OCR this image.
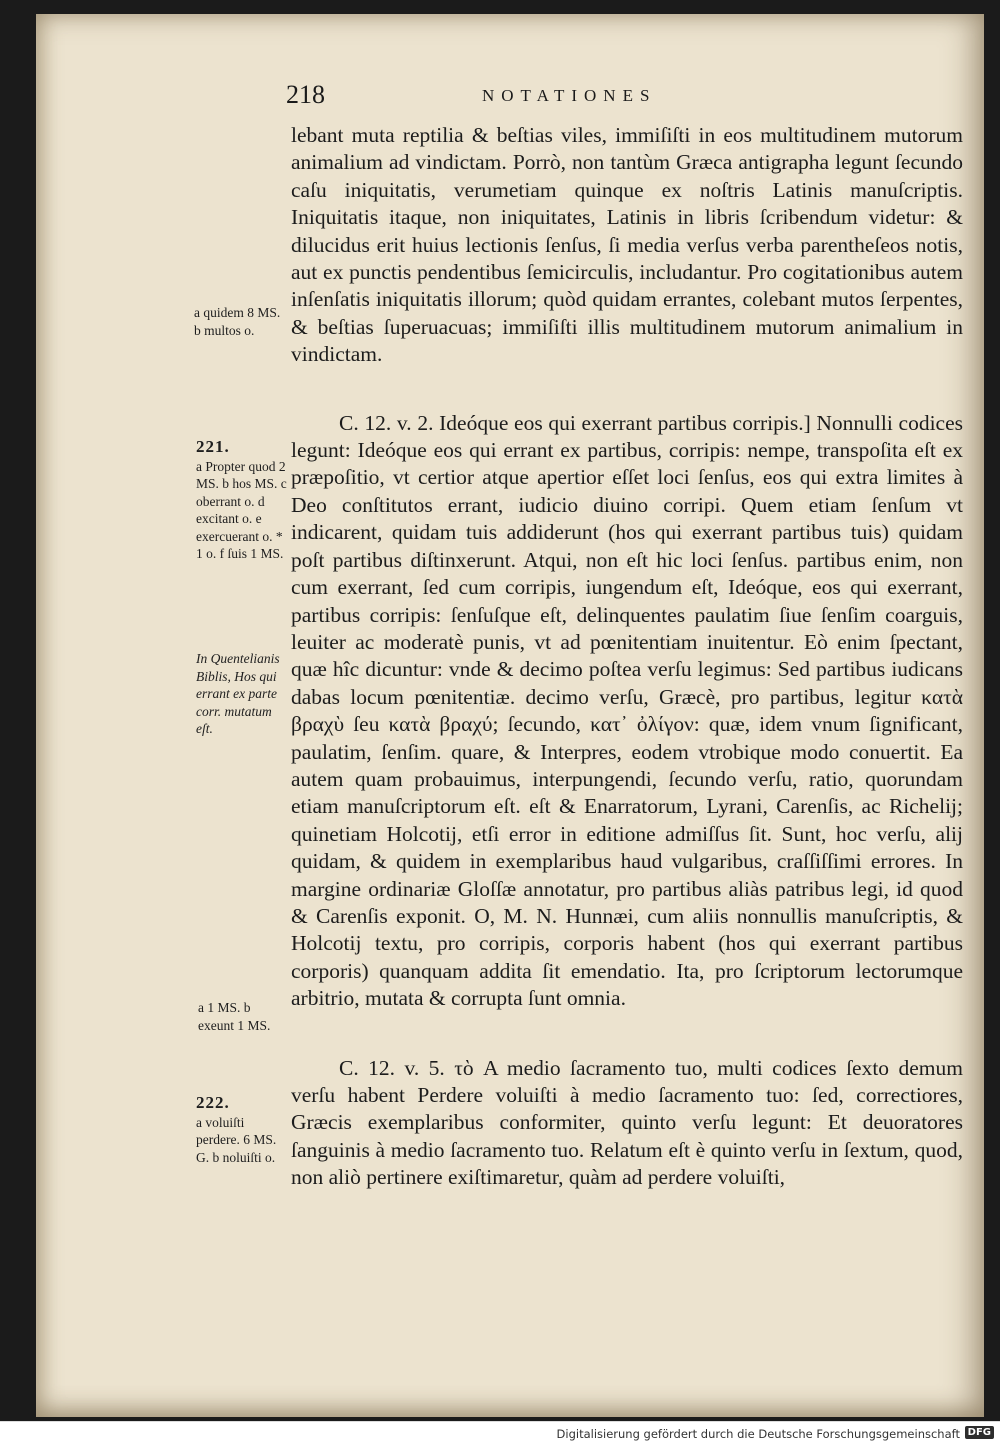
218	NOTATIONES

lebant muta reptilia & beſtias viles, immiſiſti in eos multitudinem mutorum animalium ad vindictam. Porrò, non tantùm Græca antigrapha legunt ſecundo caſu iniquitatis, verumetiam quinque ex noſtris Latinis manuſcriptis. Iniquitatis itaque, non iniquitates, Latinis in libris ſcribendum videtur: & dilucidus erit huius lectionis ſenſus, ſi media verſus verba parentheſeos notis, aut ex punctis pendentibus ſemicirculis, includantur. Pro cogitationibus autem inſenſatis iniquitatis illorum; quòd quidam errantes, colebant mutos ſerpentes, & beſtias ſuperuacuas; immiſiſti illis multitudinem mutorum animalium in vindictam.

C. 12. v. 2. Ideóque eos qui exerrant partibus corripis.] Nonnulli codices legunt: Ideóque eos qui errant ex partibus, corripis: nempe, transpoſita eſt ex præpoſitio, vt certior atque apertior eſſet loci ſenſus, eos qui extra limites à Deo conſtitutos errant, iudicio diuino corripi. Quem etiam ſenſum vt indicarent, quidam tuis addiderunt (hos qui exerrant partibus tuis) quidam poſt partibus diſtinxerunt. Atqui, non eſt hic loci ſenſus. partibus enim, non cum exerrant, ſed cum corripis, iungendum eſt, Ideóque, eos qui exerrant, partibus corripis: ſenſuſque eſt, delinquentes paulatim ſiue ſenſim coarguis, leuiter ac moderatè punis, vt ad pœnitentiam inuitentur. Eò enim ſpectant, quæ hîc dicuntur: vnde & decimo poſtea verſu legimus: Sed partibus iudicans dabas locum pœnitentiæ. decimo verſu, Græcè, pro partibus, legitur κατὰ βραχὺ ſeu κατὰ βραχύ; ſecundo, κατ᾽ ὀλίγον: quæ, idem vnum ſignificant, paulatim, ſenſim. quare, & Interpres, eodem vtrobique modo conuertit. Ea autem quam probauimus, interpungendi, ſecundo verſu, ratio, quorundam etiam manuſcriptorum eſt. eſt & Enarratorum, Lyrani, Carenſis, ac Richelij; quinetiam Holcotij, etſi error in editione admiſſus ſit. Sunt, hoc verſu, alij quidam, & quidem in exemplaribus haud vulgaribus, craſſiſſimi errores. In margine ordinariæ Gloſſæ annotatur, pro partibus aliàs patribus legi, id quod & Carenſis exponit. O, M. N. Hunnæi, cum aliis nonnullis manuſcriptis, & Holcotij textu, pro corripis, corporis habent (hos qui exerrant partibus corporis) quanquam addita ſit emendatio. Ita, pro ſcriptorum lectorumque arbitrio, mutata & corrupta ſunt omnia.

C. 12. v. 5. τὸ A medio ſacramento tuo, multi codices ſexto demum verſu habent Perdere voluiſti à medio ſacramento tuo: ſed, correctiores, Græcis exemplaribus conformiter, quinto verſu legunt: Et deuoratores ſanguinis à medio ſacramento tuo. Relatum eſt è quinto verſu in ſextum, quod, non aliò pertinere exiſtimaretur, quàm ad perdere voluiſti,

a quidem 8 MS. b multos o.
221.
a Propter quod 2 MS. b hos MS. c oberrant o. d excitant o. e exercuerant o. * 1 o. f ſuis 1 MS.
In Quentelianis Biblis, Hos qui errant ex parte corr. mutatum eſt.
a 1 MS. b exeunt 1 MS.
222.
a voluiſti perdere. 6 MS. G. b noluiſti o.
Digitalisierung gefördert durch die Deutsche Forschungsgemeinschaft DFG
